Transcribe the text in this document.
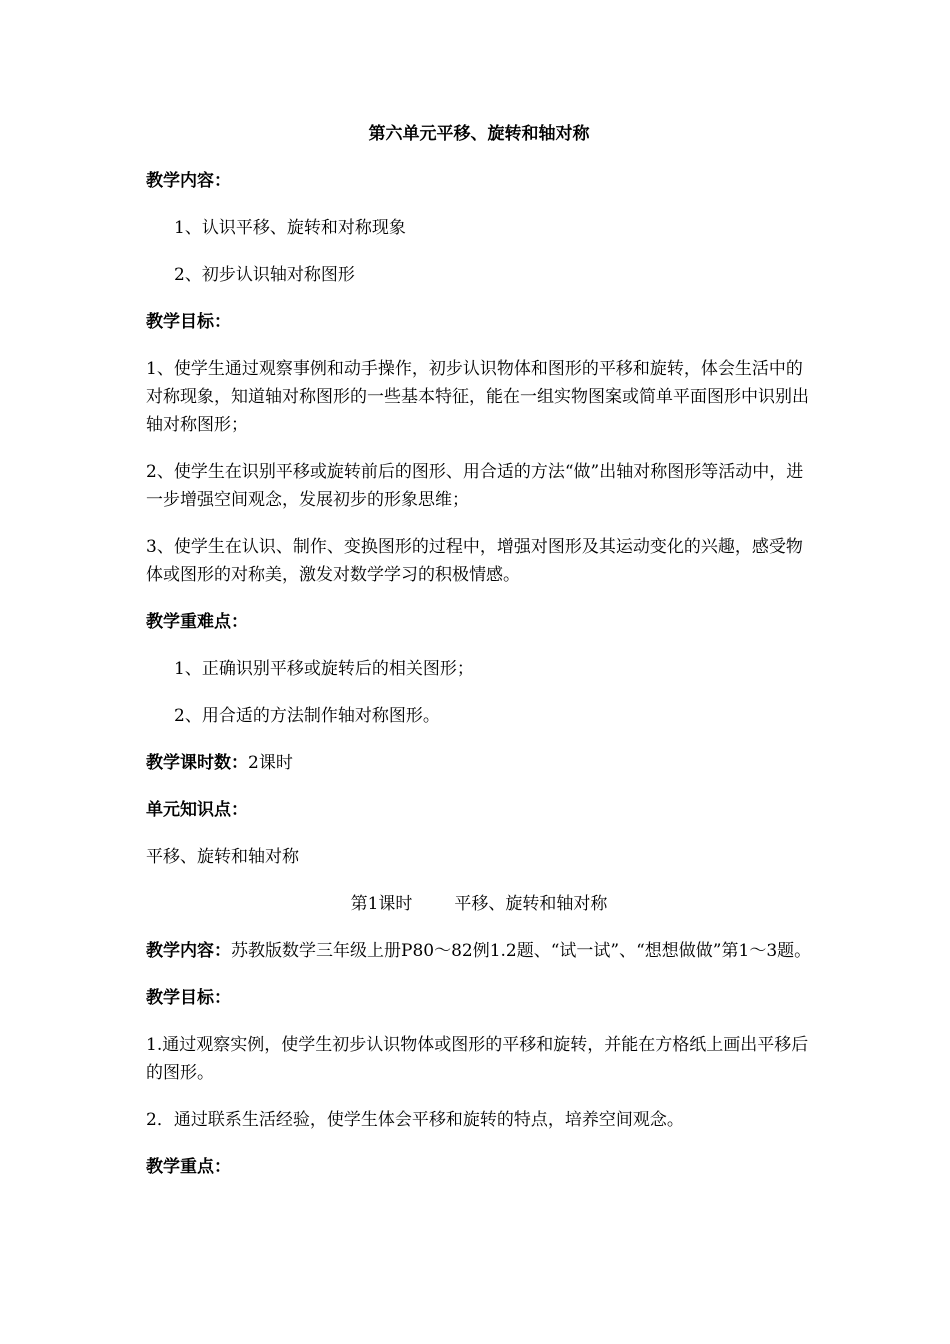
第六单元平移、旋转和轴对称

教学内容：

1、认识平移、旋转和对称现象

2、初步认识轴对称图形

教学目标：

1、使学生通过观察事例和动手操作，初步认识物体和图形的平移和旋转，体会生活中的对称现象，知道轴对称图形的一些基本特征，能在一组实物图案或简单平面图形中识别出轴对称图形；

2、使学生在识别平移或旋转前后的图形、用合适的方法“做”出轴对称图形等活动中，进一步增强空间观念，发展初步的形象思维；

3、使学生在认识、制作、变换图形的过程中，增强对图形及其运动变化的兴趣，感受物体或图形的对称美，激发对数学学习的积极情感。

教学重难点：

1、正确识别平移或旋转后的相关图形；

2、用合适的方法制作轴对称图形。

教学课时数：2课时

单元知识点：

平移、旋转和轴对称

第1课时 平移、旋转和轴对称

教学内容：苏教版数学三年级上册P80～82例1.2题、“试一试”、“想想做做”第1～3题。

教学目标：

1.通过观察实例，使学生初步认识物体或图形的平移和旋转，并能在方格纸上画出平移后的图形。

2．通过联系生活经验，使学生体会平移和旋转的特点，培养空间观念。

教学重点：
